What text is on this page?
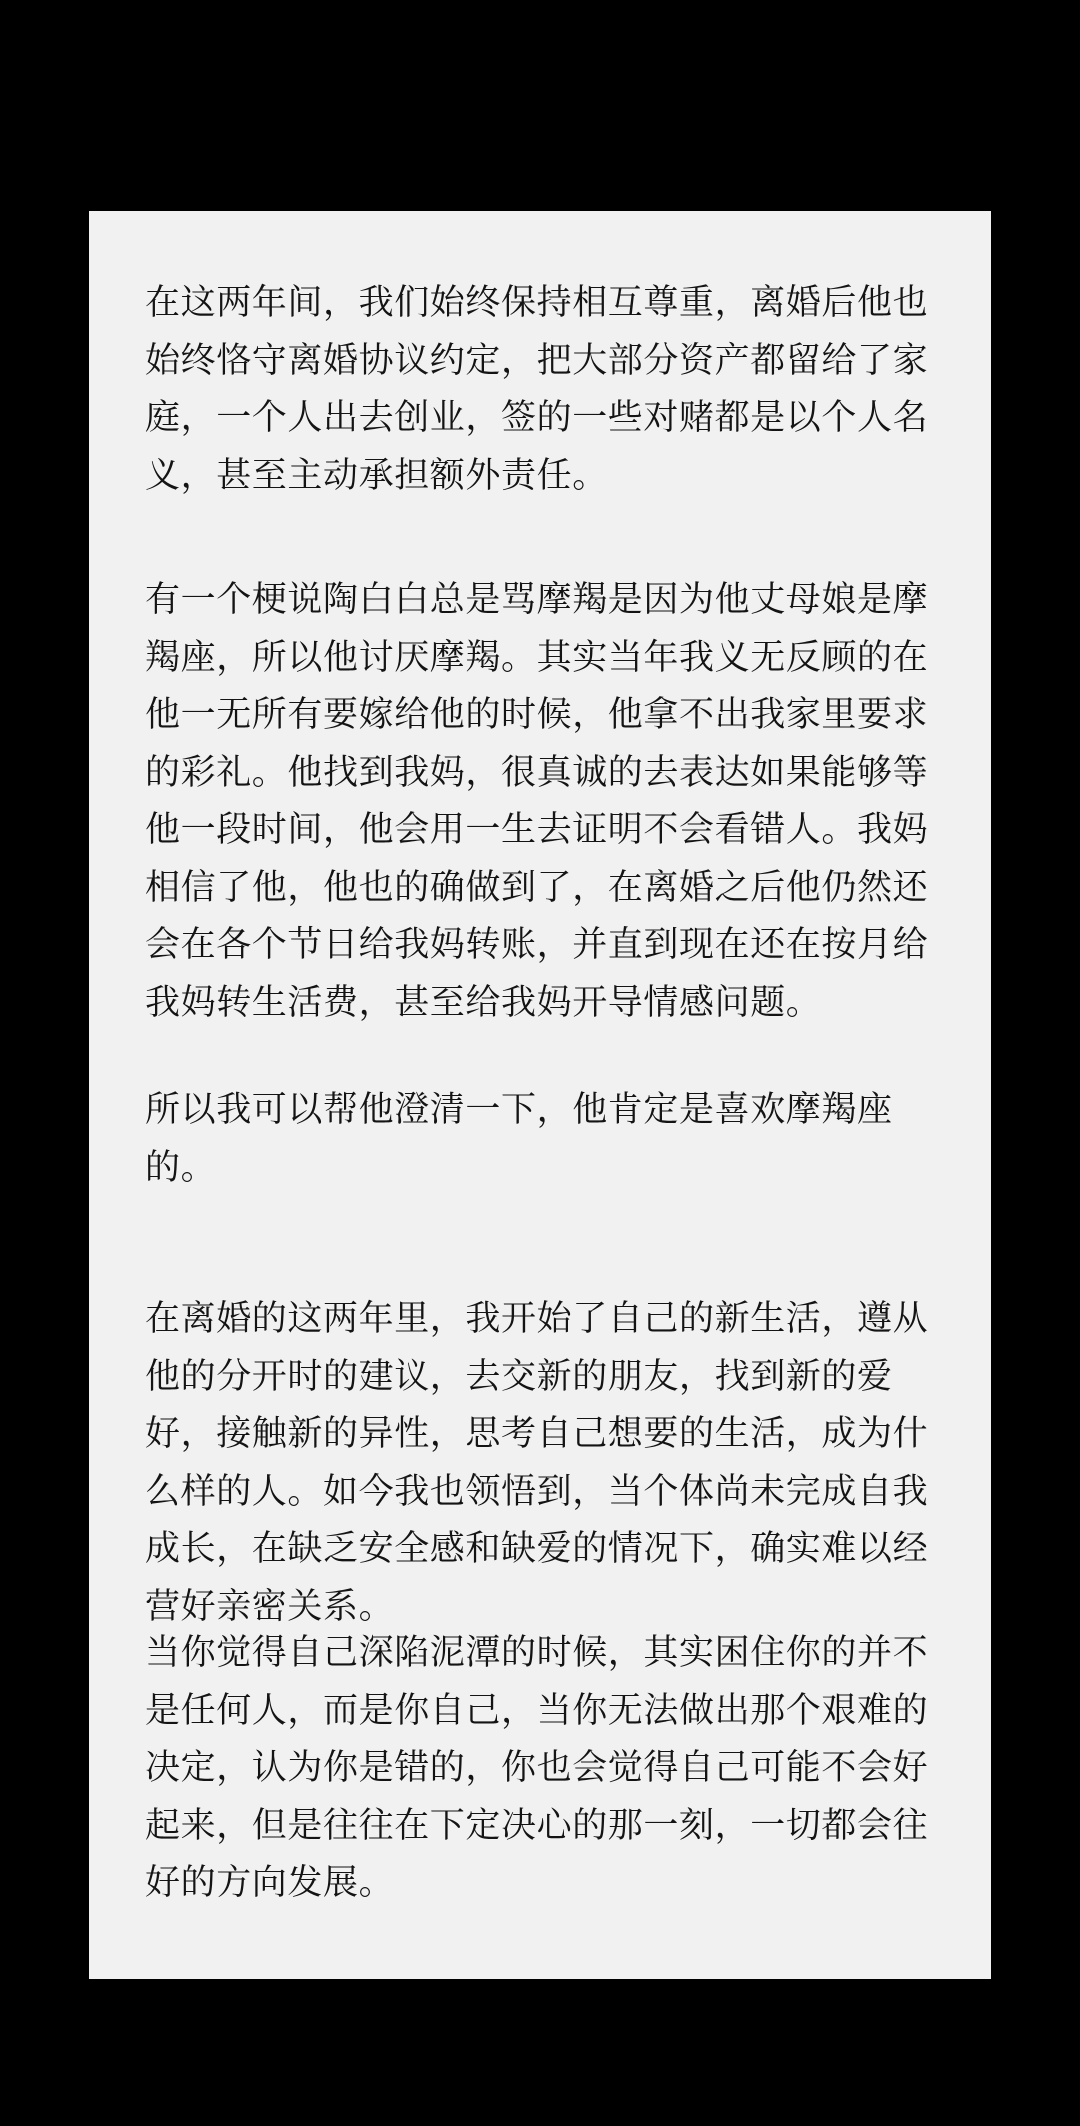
在这两年间，我们始终保持相互尊重，离婚后他也始终恪守离婚协议约定，把大部分资产都留给了家庭，一个人出去创业，签的一些对赌都是以个人名义，甚至主动承担额外责任。

有一个梗说陶白白总是骂摩羯是因为他丈母娘是摩羯座，所以他讨厌摩羯。其实当年我义无反顾的在他一无所有要嫁给他的时候，他拿不出我家里要求的彩礼。他找到我妈，很真诚的去表达如果能够等他一段时间，他会用一生去证明不会看错人。我妈相信了他，他也的确做到了，在离婚之后他仍然还会在各个节日给我妈转账，并直到现在还在按月给我妈转生活费，甚至给我妈开导情感问题。

所以我可以帮他澄清一下，他肯定是喜欢摩羯座的。

在离婚的这两年里，我开始了自己的新生活，遵从他的分开时的建议，去交新的朋友，找到新的爱好，接触新的异性，思考自己想要的生活，成为什么样的人。如今我也领悟到，当个体尚未完成自我成长，在缺乏安全感和缺爱的情况下，确实难以经营好亲密关系。

当你觉得自己深陷泥潭的时候，其实困住你的并不是任何人，而是你自己，当你无法做出那个艰难的决定，认为你是错的，你也会觉得自己可能不会好起来，但是往往在下定决心的那一刻，一切都会往好的方向发展。
